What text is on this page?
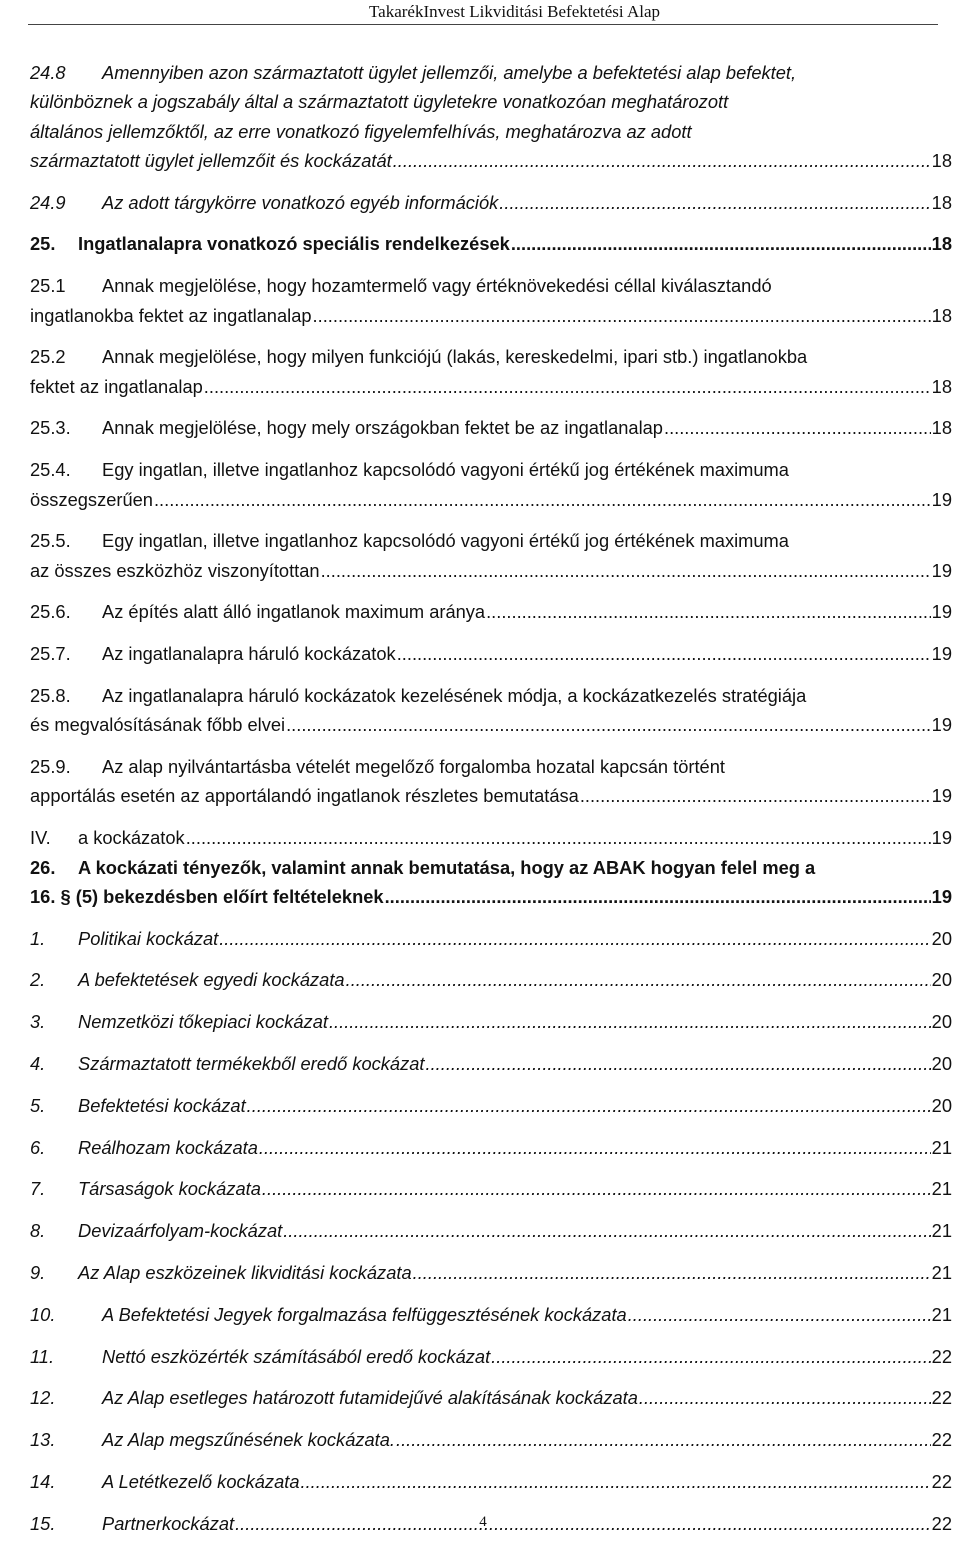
TakarékInvest Likviditási Befektetési Alap
24.8	Amennyiben azon származtatott ügylet jellemzői, amelybe a befektetési alap befektet,
különböznek a jogszabály által a származtatott ügyletekre vonatkozóan meghatározott
általános jellemzőktől, az erre vonatkozó figyelemfelhívás, meghatározva az adott
származtatott ügylet jellemzőit és kockázatát .....	18
24.9	Az adott tárgykörre vonatkozó egyéb információk .....	18
25.	Ingatlanalapra vonatkozó speciális rendelkezések .....	18
25.1	Annak megjelölése, hogy hozamtermelő vagy értéknövekedési céllal kiválasztandó
ingatlanokba fektet az ingatlanalap .....	18
25.2	Annak megjelölése, hogy milyen funkciójú (lakás, kereskedelmi, ipari stb.) ingatlanokba
fektet az ingatlanalap .....	18
25.3.	Annak megjelölése, hogy mely országokban fektet be az ingatlanalap .....	18
25.4.	Egy ingatlan, illetve ingatlanhoz kapcsolódó vagyoni értékű jog értékének maximuma
összegszerűen .....	19
25.5.	Egy ingatlan, illetve ingatlanhoz kapcsolódó vagyoni értékű jog értékének maximuma
az összes eszközhöz viszonyítottan .....	19
25.6.	Az építés alatt álló ingatlanok maximum aránya .....	19
25.7.	Az ingatlanalapra háruló kockázatok .....	19
25.8.	Az ingatlanalapra háruló kockázatok kezelésének módja, a kockázatkezelés stratégiája
és megvalósításának főbb elvei .....	19
25.9.	Az alap nyilvántartásba vételét megelőző forgalomba hozatal kapcsán történt
apportálás esetén az apportálandó ingatlanok részletes bemutatása .....	19
IV.	a kockázatok .....	19
26.	A kockázati tényezők, valamint annak bemutatása, hogy az ABAK hogyan felel meg a
16. § (5) bekezdésben előírt feltételeknek .....	19
1.	Politikai kockázat .....	20
2.	A befektetések egyedi kockázata .....	20
3.	Nemzetközi tőkepiaci kockázat .....	20
4.	Származtatott termékekből eredő kockázat .....	20
5.	Befektetési kockázat .....	20
6.	Reálhozam kockázata .....	21
7.	Társaságok kockázata .....	21
8.	Devizaárfolyam-kockázat .....	21
9.	Az Alap eszközeinek likviditási kockázata .....	21
10.	A Befektetési Jegyek forgalmazása felfüggesztésének kockázata .....	21
11.	Nettó eszközérték számításából eredő kockázat .....	22
12.	Az Alap esetleges határozott futamidejűvé alakításának kockázata .....	22
13.	Az Alap megszűnésének kockázata. .....	22
14.	A Letétkezelő kockázata .....	22
15.	Partnerkockázat .....	22
4
